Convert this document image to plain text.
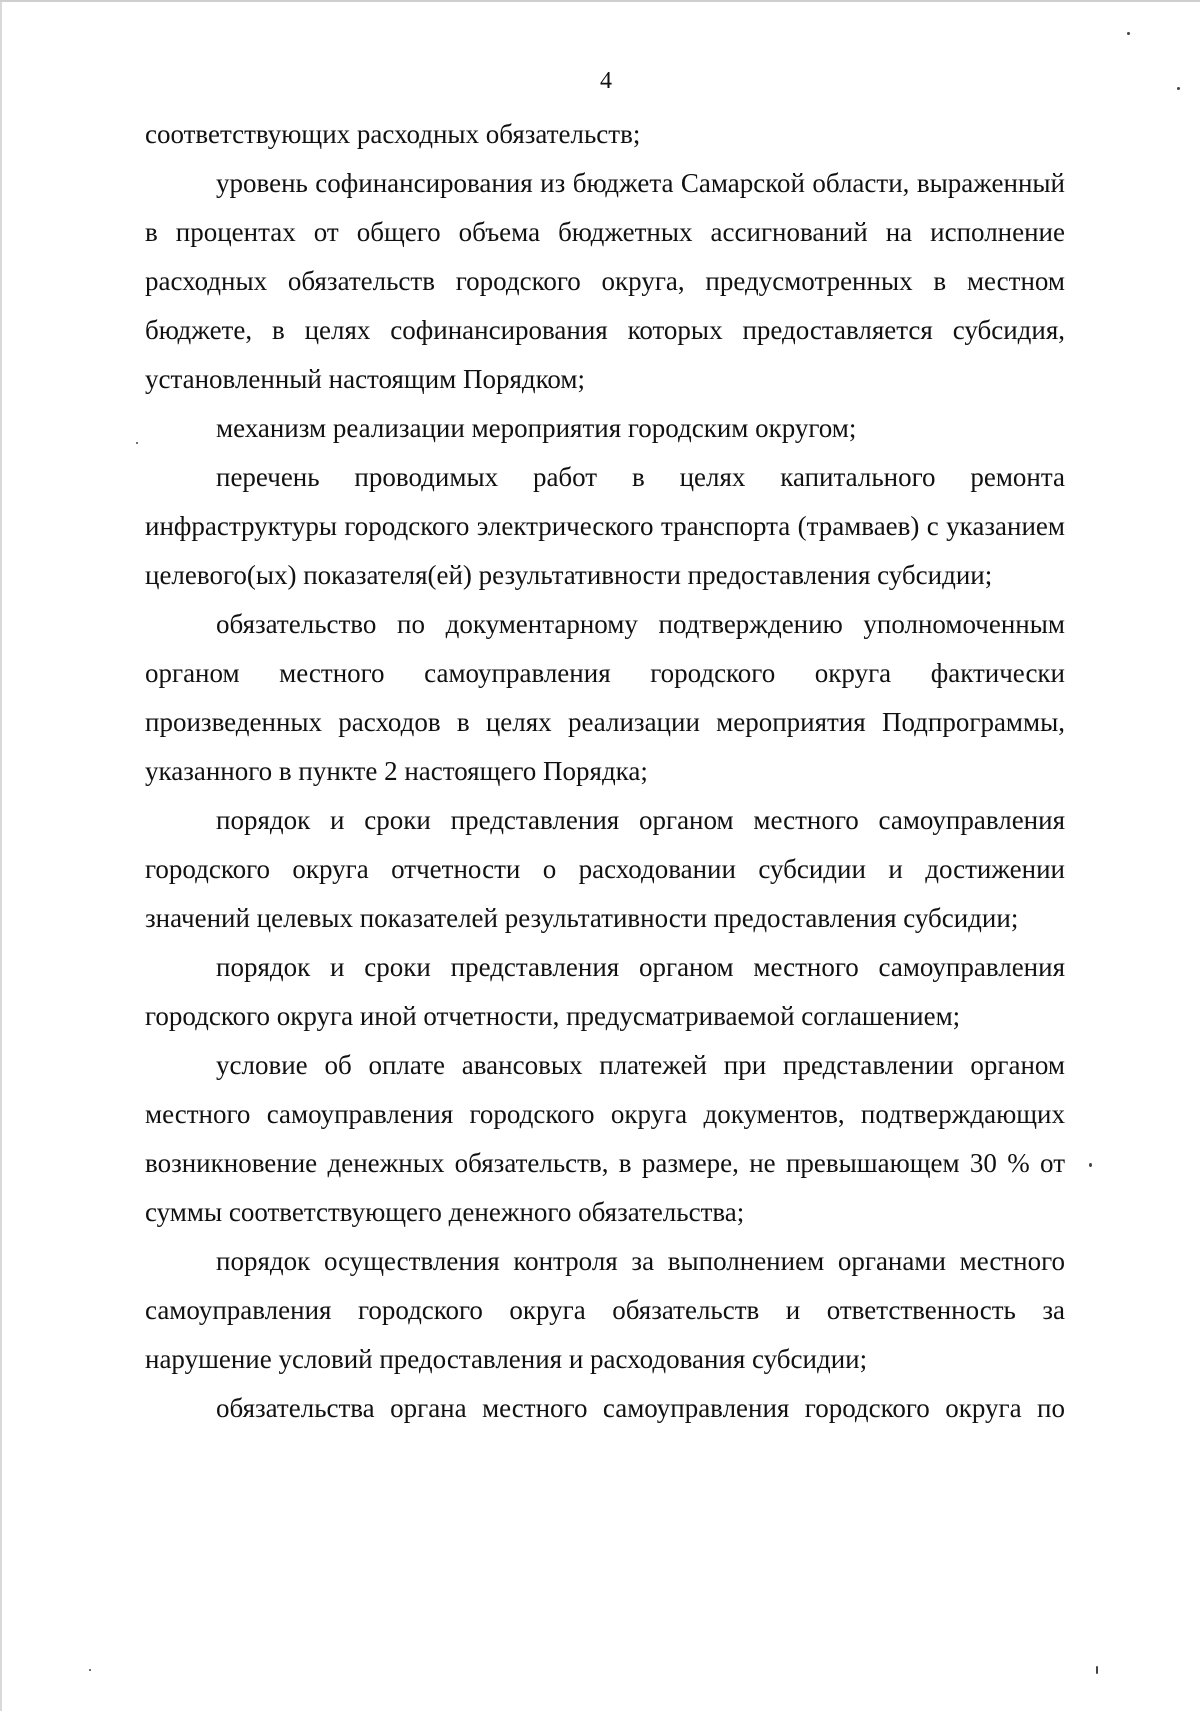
4

соответствующих расходных обязательств;

уровень софинансирования из бюджета Самарской области, выраженный в процентах от общего объема бюджетных ассигнований на исполнение расходных обязательств городского округа, предусмотренных в местном бюджете, в целях софинансирования которых предоставляется субсидия, установленный настоящим Порядком;

механизм реализации мероприятия городским округом;

перечень проводимых работ в целях капитального ремонта инфраструктуры городского электрического транспорта (трамваев) с указанием целевого(ых) показателя(ей) результативности предоставления субсидии;

обязательство по документарному подтверждению уполномоченным органом местного самоуправления городского округа фактически произведенных расходов в целях реализации мероприятия Подпрограммы, указанного в пункте 2 настоящего Порядка;

порядок и сроки представления органом местного самоуправления городского округа отчетности о расходовании субсидии и достижении значений целевых показателей результативности предоставления субсидии;

порядок и сроки представления органом местного самоуправления городского округа иной отчетности, предусматриваемой соглашением;

условие об оплате авансовых платежей при представлении органом местного самоуправления городского округа документов, подтверждающих возникновение денежных обязательств, в размере, не превышающем 30 % от суммы соответствующего денежного обязательства;

порядок осуществления контроля за выполнением органами местного самоуправления городского округа обязательств и ответственность за нарушение условий предоставления и расходования субсидии;

обязательства органа местного самоуправления городского округа по
